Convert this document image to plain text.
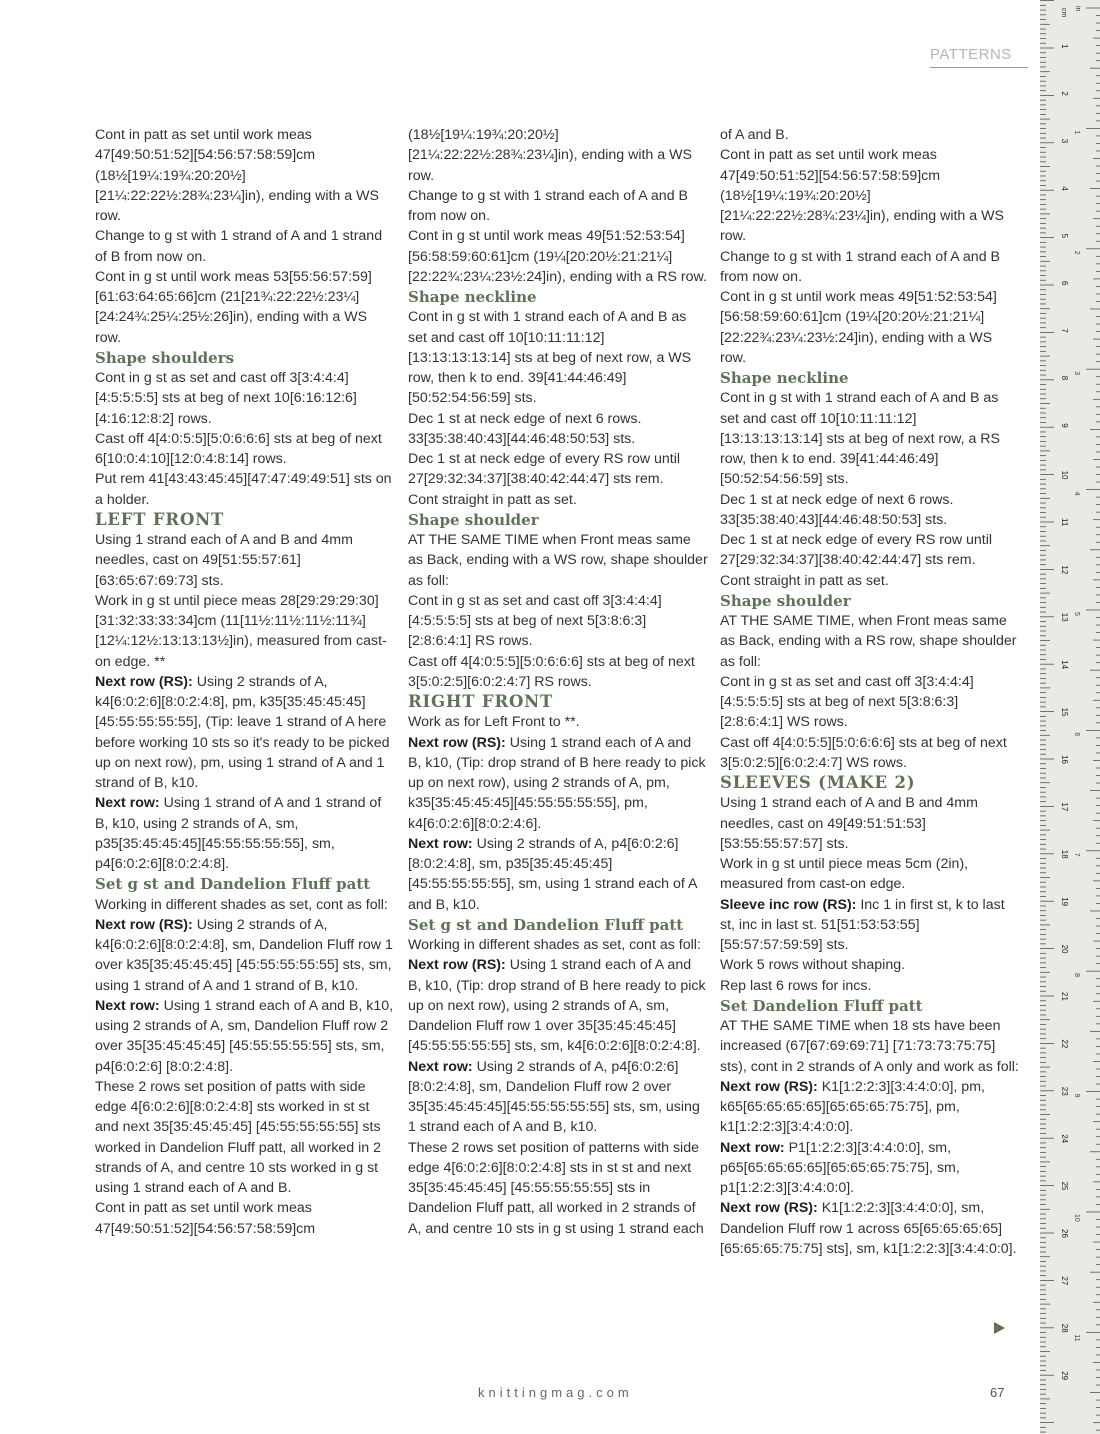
PATTERNS

Cont in patt as set until work meas 47[49:50:51:52][54:56:57:58:59]cm (18½[19¼:19¾:20:20½] [21¼:22:22½:28¾:23¼]in), ending with a WS row.

Change to g st with 1 strand of A and 1 strand of B from now on.

Cont in g st until work meas 53[55:56:57:59] [61:63:64:65:66]cm (21[21¾:22:22½:23¼] [24:24¾:25¼:25½:26]in), ending with a WS row.

Shape shoulders

Cont in g st as set and cast off 3[3:4:4:4] [4:5:5:5:5] sts at beg of next 10[6:16:12:6] [4:16:12:8:2] rows.

Cast off 4[4:0:5:5][5:0:6:6:6] sts at beg of next 6[10:0:4:10][12:0:4:8:14] rows.

Put rem 41[43:43:45:45][47:47:49:49:51] sts on a holder.

LEFT FRONT

Using 1 strand each of A and B and 4mm needles, cast on 49[51:55:57:61] [63:65:67:69:73] sts.

Work in g st until piece meas 28[29:29:29:30][31:32:33:33:34]cm (11[11½:11½:11½:11¾][12¼:12½:13:13:13½]in), measured from cast-on edge. **

Next row (RS): Using 2 strands of A, k4[6:0:2:6][8:0:2:4:8], pm, k35[35:45:45:45] [45:55:55:55:55], (Tip: leave 1 strand of A here before working 10 sts so it's ready to be picked up on next row), pm, using 1 strand of A and 1 strand of B, k10.

Next row: Using 1 strand of A and 1 strand of B, k10, using 2 strands of A, sm, p35[35:45:45:45][45:55:55:55:55], sm, p4[6:0:2:6][8:0:2:4:8].

Set g st and Dandelion Fluff patt

Working in different shades as set, cont as foll:

Next row (RS): Using 2 strands of A, k4[6:0:2:6][8:0:2:4:8], sm, Dandelion Fluff row 1 over k35[35:45:45:45] [45:55:55:55:55] sts, sm, using 1 strand of A and 1 strand of B, k10.

Next row: Using 1 strand each of A and B, k10, using 2 strands of A, sm, Dandelion Fluff row 2 over 35[35:45:45:45] [45:55:55:55:55] sts, sm, p4[6:0:2:6] [8:0:2:4:8].

These 2 rows set position of patts with side edge 4[6:0:2:6][8:0:2:4:8] sts worked in st st and next 35[35:45:45:45] [45:55:55:55:55] sts worked in Dandelion Fluff patt, all worked in 2 strands of A, and centre 10 sts worked in g st using 1 strand each of A and B.

Cont in patt as set until work meas 47[49:50:51:52][54:56:57:58:59]cm

(18½[19¼:19¾:20:20½] [21¼:22:22½:28¾:23¼]in), ending with a WS row.

Change to g st with 1 strand each of A and B from now on.

Cont in g st until work meas 49[51:52:53:54] [56:58:59:60:61]cm (19¼[20:20½:21:21¼] [22:22¾:23¼:23½:24]in), ending with a RS row.

Shape neckline

Cont in g st with 1 strand each of A and B as set and cast off 10[10:11:11:12] [13:13:13:13:14] sts at beg of next row, a WS row, then k to end. 39[41:44:46:49] [50:52:54:56:59] sts.

Dec 1 st at neck edge of next 6 rows. 33[35:38:40:43][44:46:48:50:53] sts.

Dec 1 st at neck edge of every RS row until 27[29:32:34:37][38:40:42:44:47] sts rem.

Cont straight in patt as set.

Shape shoulder

AT THE SAME TIME when Front meas same as Back, ending with a WS row, shape shoulder as foll:

Cont in g st as set and cast off 3[3:4:4:4] [4:5:5:5:5] sts at beg of next 5[3:8:6:3] [2:8:6:4:1] RS rows.

Cast off 4[4:0:5:5][5:0:6:6:6] sts at beg of next 3[5:0:2:5][6:0:2:4:7] RS rows.

RIGHT FRONT

Work as for Left Front to **.

Next row (RS): Using 1 strand each of A and B, k10, (Tip: drop strand of B here ready to pick up on next row), using 2 strands of A, pm, k35[35:45:45:45][45:55:55:55:55], pm, k4[6:0:2:6][8:0:2:4:6].

Next row: Using 2 strands of A, p4[6:0:2:6] [8:0:2:4:8], sm, p35[35:45:45:45] [45:55:55:55:55], sm, using 1 strand each of A and B, k10.

Set g st and Dandelion Fluff patt

Working in different shades as set, cont as foll:

Next row (RS): Using 1 strand each of A and B, k10, (Tip: drop strand of B here ready to pick up on next row), using 2 strands of A, sm, Dandelion Fluff row 1 over 35[35:45:45:45][45:55:55:55:55] sts, sm, k4[6:0:2:6][8:0:2:4:8].

Next row: Using 2 strands of A, p4[6:0:2:6] [8:0:2:4:8], sm, Dandelion Fluff row 2 over 35[35:45:45:45][45:55:55:55:55] sts, sm, using 1 strand each of A and B, k10.

These 2 rows set position of patterns with side edge 4[6:0:2:6][8:0:2:4:8] sts in st st and next 35[35:45:45:45] [45:55:55:55:55] sts in Dandelion Fluff patt, all worked in 2 strands of A, and centre 10 sts in g st using 1 strand each

of A and B.

Cont in patt as set until work meas 47[49:50:51:52][54:56:57:58:59]cm (18½[19¼:19¾:20:20½] [21¼:22:22½:28¾:23¼]in), ending with a WS row.

Change to g st with 1 strand each of A and B from now on.

Cont in g st until work meas 49[51:52:53:54][56:58:59:60:61]cm (19¼[20:20½:21:21¼] [22:22¾:23¼:23½:24]in), ending with a WS row.

Shape neckline

Cont in g st with 1 strand each of A and B as set and cast off 10[10:11:11:12] [13:13:13:13:14] sts at beg of next row, a RS row, then k to end. 39[41:44:46:49] [50:52:54:56:59] sts.

Dec 1 st at neck edge of next 6 rows. 33[35:38:40:43][44:46:48:50:53] sts.

Dec 1 st at neck edge of every RS row until 27[29:32:34:37][38:40:42:44:47] sts rem.

Cont straight in patt as set.

Shape shoulder

AT THE SAME TIME, when Front meas same as Back, ending with a RS row, shape shoulder as foll:

Cont in g st as set and cast off 3[3:4:4:4] [4:5:5:5:5] sts at beg of next 5[3:8:6:3] [2:8:6:4:1] WS rows.

Cast off 4[4:0:5:5][5:0:6:6:6] sts at beg of next 3[5:0:2:5][6:0:2:4:7] WS rows.

SLEEVES (MAKE 2)

Using 1 strand each of A and B and 4mm needles, cast on 49[49:51:51:53] [53:55:55:57:57] sts.

Work in g st until piece meas 5cm (2in), measured from cast-on edge.

Sleeve inc row (RS): Inc 1 in first st, k to last st, inc in last st. 51[51:53:53:55] [55:57:57:59:59] sts.

Work 5 rows without shaping.

Rep last 6 rows for incs.

Set Dandelion Fluff patt

AT THE SAME TIME when 18 sts have been increased (67[67:69:69:71] [71:73:73:75:75] sts), cont in 2 strands of A only and work as foll:

Next row (RS): K1[1:2:2:3][3:4:4:0:0], pm, k65[65:65:65:65][65:65:65:75:75], pm, k1[1:2:2:3][3:4:4:0:0].

Next row: P1[1:2:2:3][3:4:4:0:0], sm, p65[65:65:65:65][65:65:65:75:75], sm, p1[1:2:2:3][3:4:4:0:0].

Next row (RS): K1[1:2:2:3][3:4:4:0:0], sm, Dandelion Fluff row 1 across 65[65:65:65:65][65:65:65:75:75] sts], sm, k1[1:2:2:3][3:4:4:0:0].

knittingmag.com	67
cm in
1
2
3
4
5
6
7
8
9
10
11
12
13
14
15
16
17
18
19
20
21
22
23
24
25
26
27
28
29
1
2
3
4
5
6
7
8
9
10
11
